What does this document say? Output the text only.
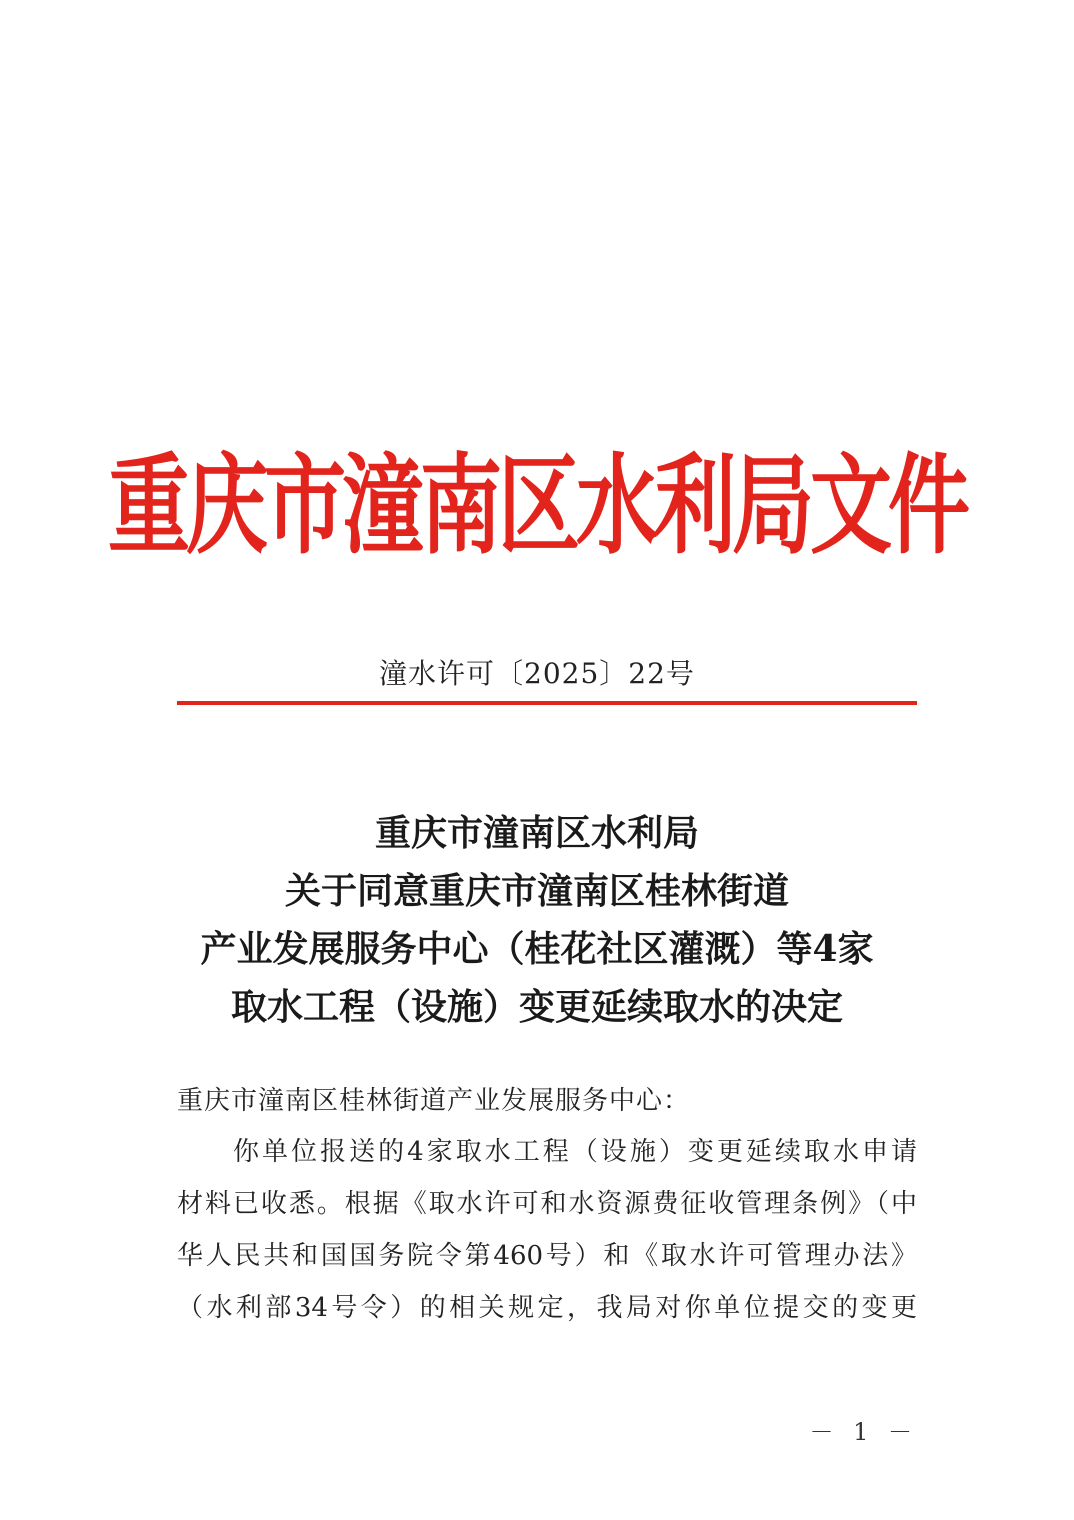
重庆市潼南区水利局文件
潼水许可〔2025〕22号
重庆市潼南区水利局
关于同意重庆市潼南区桂林街道
产业发展服务中心（桂花社区灌溉）等4家
取水工程（设施）变更延续取水的决定
重庆市潼南区桂林街道产业发展服务中心：
你单位报送的4家取水工程（设施）变更延续取水申请
材料已收悉。根据《取水许可和水资源费征收管理条例》（中
华人民共和国国务院令第460号）和《取水许可管理办法》
（水利部34号令）的相关规定，我局对你单位提交的变更
－ 1 －
